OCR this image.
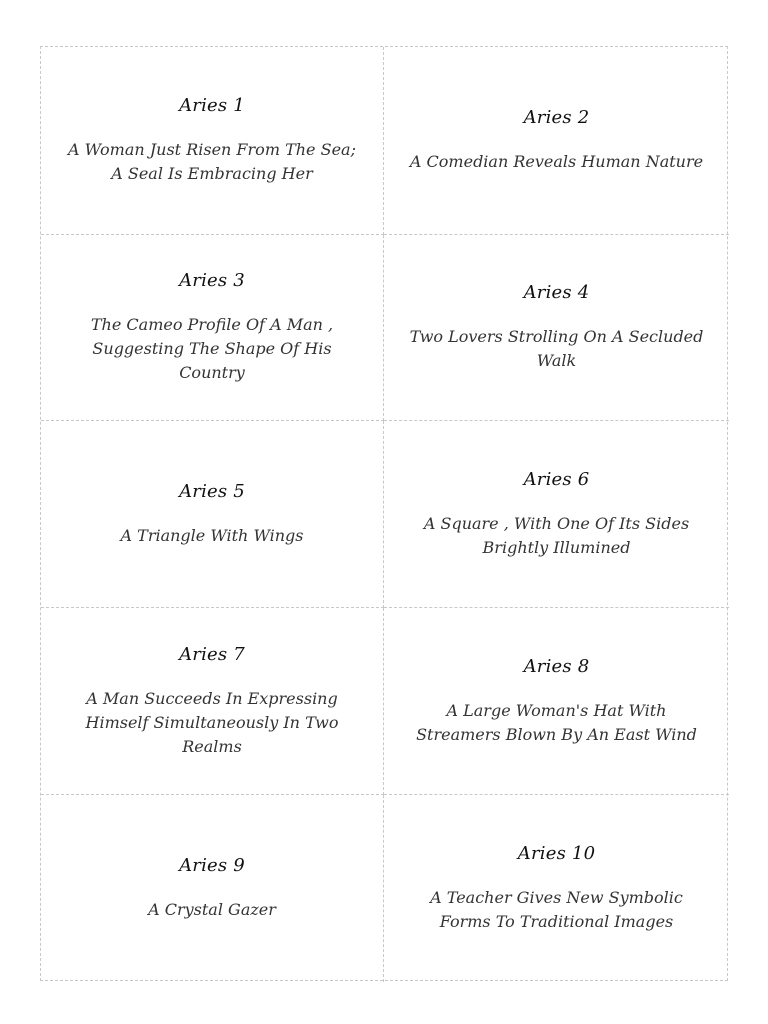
Aries 1
A Woman Just Risen From The Sea;
A Seal Is Embracing Her
Aries 2
A Comedian Reveals Human Nature
Aries 3
The Cameo Profile Of A Man ,
Suggesting The Shape Of His Country
Aries 4
Two Lovers Strolling On A Secluded
Walk
Aries 5
A Triangle With Wings
Aries 6
A Square , With One Of Its Sides
Brightly Illumined
Aries 7
A Man Succeeds In Expressing
Himself Simultaneously In Two
Realms
Aries 8
A Large Woman's Hat With
Streamers Blown By An East Wind
Aries 9
A Crystal Gazer
Aries 10
A Teacher Gives New Symbolic
Forms To Traditional Images
